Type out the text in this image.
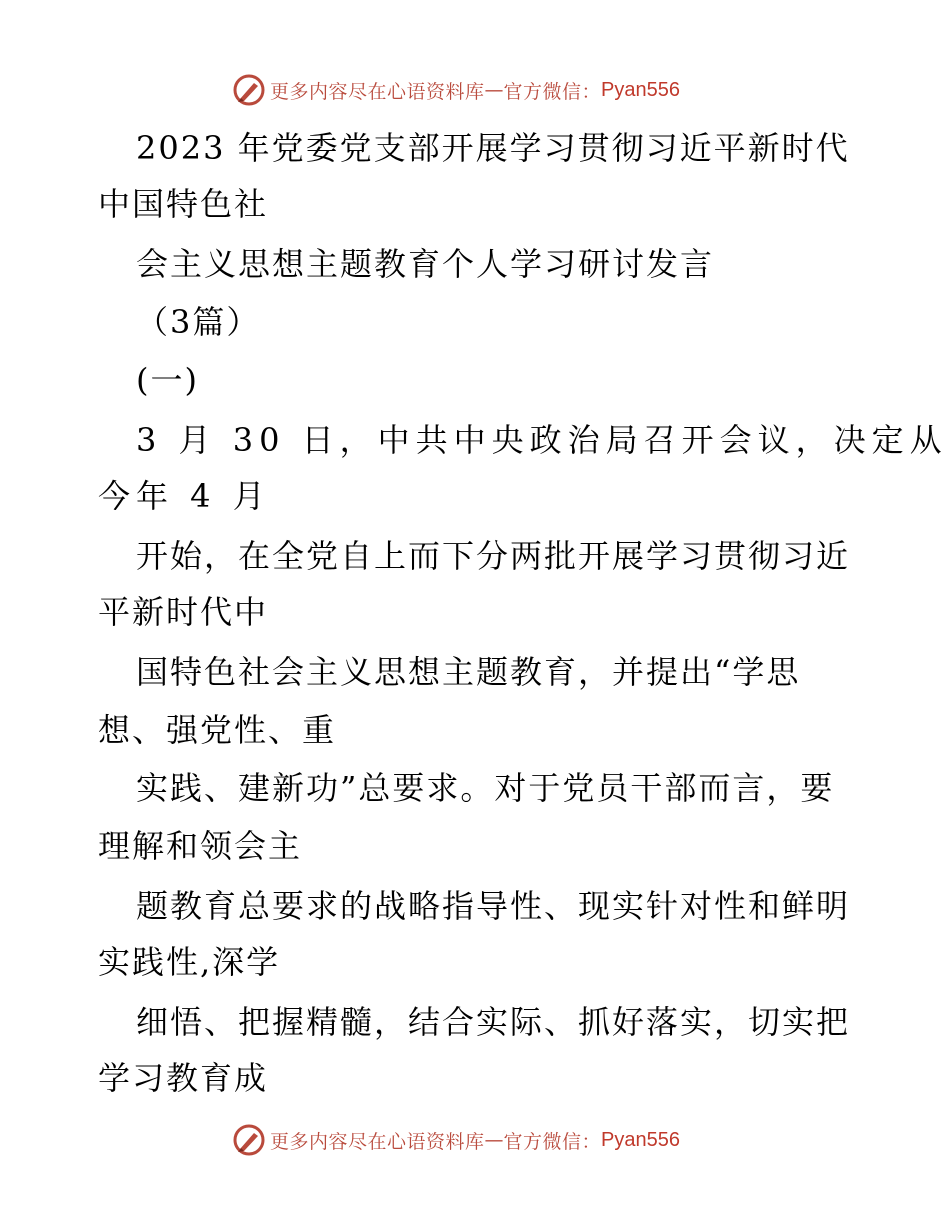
更多内容尽在心语资料库 — 官方微信： Pyan556
2023 年党委党支部开展学习贯彻习近平新时代
中国特色社
会主义思想主题教育个人学习研讨发言
（3篇）
(一)
3 月 30 日，中共中央政治局召开会议，决定从
今年 4 月
开始，在全党自上而下分两批开展学习贯彻习近
平新时代中
国特色社会主义思想主题教育，并提出“学思
想、强党性、重
实践、建新功”总要求。对于党员干部而言，要
理解和领会主
题教育总要求的战略指导性、现实针对性和鲜明
实践性,深学
细悟、把握精髓，结合实际、抓好落实，切实把
学习教育成
更多内容尽在心语资料库 — 官方微信： Pyan556
